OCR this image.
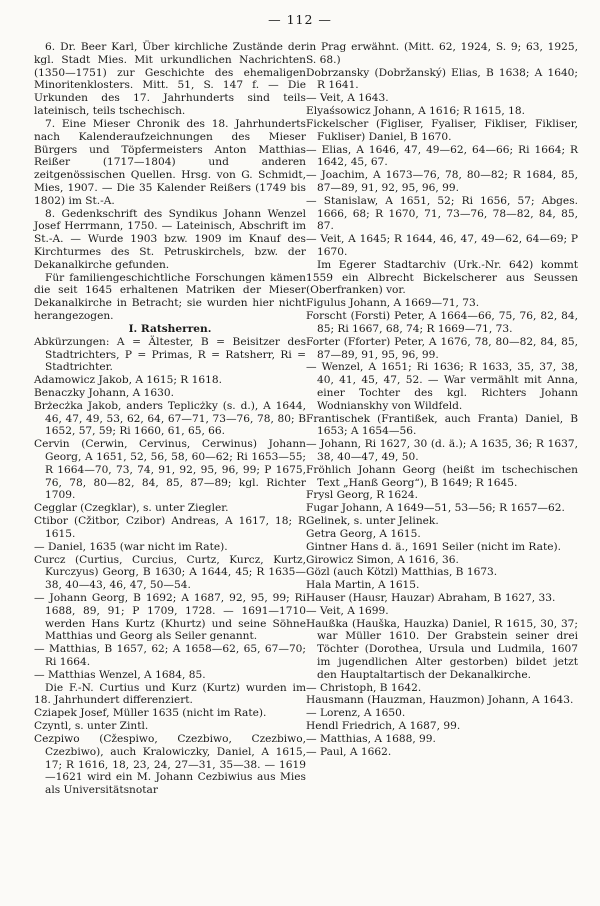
— 112 —

6. Dr. Beer Karl, Über kirchliche Zustände der kgl. Stadt Mies. Mit urkundlichen Nachrichten (1350—1751) zur Geschichte des ehemaligen Minoritenklosters. Mitt. 51, S. 147 f. — Die Urkunden des 17. Jahrhunderts sind teils lateinisch, teils tschechisch.

7. Eine Mieser Chronik des 18. Jahrhunderts nach Kalenderaufzeichnungen des Mieser Bürgers und Töpfermeisters Anton Matthias Reißer (1717—1804) und anderen zeitgenössischen Quellen. Hrsg. von G. Schmidt, Mies, 1907. — Die 35 Kalender Reißers (1749 bis 1802) im St.-A.

8. Gedenkschrift des Syndikus Johann Wenzel Josef Herrmann, 1750. — Lateinisch, Abschrift im St.-A. — Wurde 1903 bzw. 1909 im Knauf des Kirchturmes des St. Petruskirchels, bzw. der Dekanalkirche gefunden.

Für familiengeschichtliche Forschungen kämen die seit 1645 erhaltenen Matriken der Mieser Dekanalkirche in Betracht; sie wurden hier nicht herangezogen.

I. Ratsherren.

Abkürzungen: A = Ältester, B = Beisitzer des Stadtrichters, P = Primas, R = Ratsherr, Ri = Stadtrichter.

Adamowicz Jakob, A 1615; R 1618.

Benaczky Johann, A 1630.

Brżecżka Jakob, anders Teplicżky (s. d.), A 1644, 46, 47, 49, 53, 62, 64, 67—71, 73—76, 78, 80; B 1652, 57, 59; Ri 1660, 61, 65, 66.

Cervin (Cerwin, Cervinus, Cerwinus) Johann Georg, A 1651, 52, 56, 58, 60—62; Ri 1653—55; R 1664—70, 73, 74, 91, 92, 95, 96, 99; P 1675, 76, 78, 80—82, 84, 85, 87—89; kgl. Richter 1709.

Cegglar (Czegklar), s. unter Ziegler.

Ctibor (Cžitbor, Czibor) Andreas, A 1617, 18; R 1615.

— Daniel, 1635 (war nicht im Rate).

Curcz (Curtius, Curcius, Curtz, Kurcz, Kurtz, Kurczyus) Georg, B 1630; A 1644, 45; R 1635—38, 40—43, 46, 47, 50—54.

— Johann Georg, B 1692; A 1687, 92, 95, 99; Ri 1688, 89, 91; P 1709, 1728. — 1691—1710 werden Hans Kurtz (Khurtz) und seine Söhne Matthias und Georg als Seiler genannt.

— Matthias, B 1657, 62; A 1658—62, 65, 67—70; Ri 1664.

— Matthias Wenzel, A 1684, 85.

Die F.-N. Curtius und Kurz (Kurtz) wurden im 18. Jahrhundert differenziert.

Cziapek Josef, Müller 1635 (nicht im Rate).

Czyntl, s. unter Zintl.

Cezpiwo (Cžespiwo, Czezbiwo, Czezbiwo, Czezbiwo), auch Kralowiczky, Daniel, A 1615, 17; R 1616, 18, 23, 24, 27—31, 35—38. — 1619—1621 wird ein M. Johann Cezbiwius aus Mies als Universitätsnotar

in Prag erwähnt. (Mitt. 62, 1924, S. 9; 63, 1925, S. 68.)

Dobrzansky (Dobržanský) Elias, B 1638; A 1640; R 1641.

— Veit, A 1643.

Elyaśsowicz Johann, A 1616; R 1615, 18.

Fickelscher (Figliser, Fyaliser, Fikliser, Fikliser, Fukliser) Daniel, B 1670.

— Elias, A 1646, 47, 49—62, 64—66; Ri 1664; R 1642, 45, 67.

— Joachim, A 1673—76, 78, 80—82; R 1684, 85, 87—89, 91, 92, 95, 96, 99.

— Stanislaw, A 1651, 52; Ri 1656, 57; Abges. 1666, 68; R 1670, 71, 73—76, 78—82, 84, 85, 87.

— Veit, A 1645; R 1644, 46, 47, 49—62, 64—69; P 1670.

Im Egerer Stadtarchiv (Urk.-Nr. 642) kommt 1559 ein Albrecht Bickelscherer aus Seussen (Oberfranken) vor.

Figulus Johann, A 1669—71, 73.

Forscht (Forsti) Peter, A 1664—66, 75, 76, 82, 84, 85; Ri 1667, 68, 74; R 1669—71, 73.

Forter (Fforter) Peter, A 1676, 78, 80—82, 84, 85, 87—89, 91, 95, 96, 99.

— Wenzel, A 1651; Ri 1636; R 1633, 35, 37, 38, 40, 41, 45, 47, 52. — War vermählt mit Anna, einer Tochter des kgl. Richters Johann Wodnianskhy von Wildfeld.

Frantischek (Frantißek, auch Franta) Daniel, B 1653; A 1654—56.

— Johann, Ri 1627, 30 (d. ä.); A 1635, 36; R 1637, 38, 40—47, 49, 50.

Fröhlich Johann Georg (heißt im tschechischen Text „Hanß Georg“), B 1649; R 1645.

Frysl Georg, R 1624.

Fugar Johann, A 1649—51, 53—56; R 1657—62.

Gelinek, s. unter Jelinek.

Getra Georg, A 1615.

Gintner Hans d. ä., 1691 Seiler (nicht im Rate).

Girowicz Simon, A 1616, 36.

Gözl (auch Kötzl) Matthias, B 1673.

Hala Martin, A 1615.

Hauser (Hausr, Hauzar) Abraham, B 1627, 33.

— Veit, A 1699.

Haußka (Hauška, Hauzka) Daniel, R 1615, 30, 37; war Müller 1610. Der Grabstein seiner drei Töchter (Dorothea, Ursula und Ludmila, 1607 im jugendlichen Alter gestorben) bildet jetzt den Hauptaltartisch der Dekanalkirche.

— Christoph, B 1642.

Hausmann (Hauzman, Hauzmon) Johann, A 1643.

— Lorenz, A 1650.

Hendl Friedrich, A 1687, 99.

— Matthias, A 1688, 99.

— Paul, A 1662.
